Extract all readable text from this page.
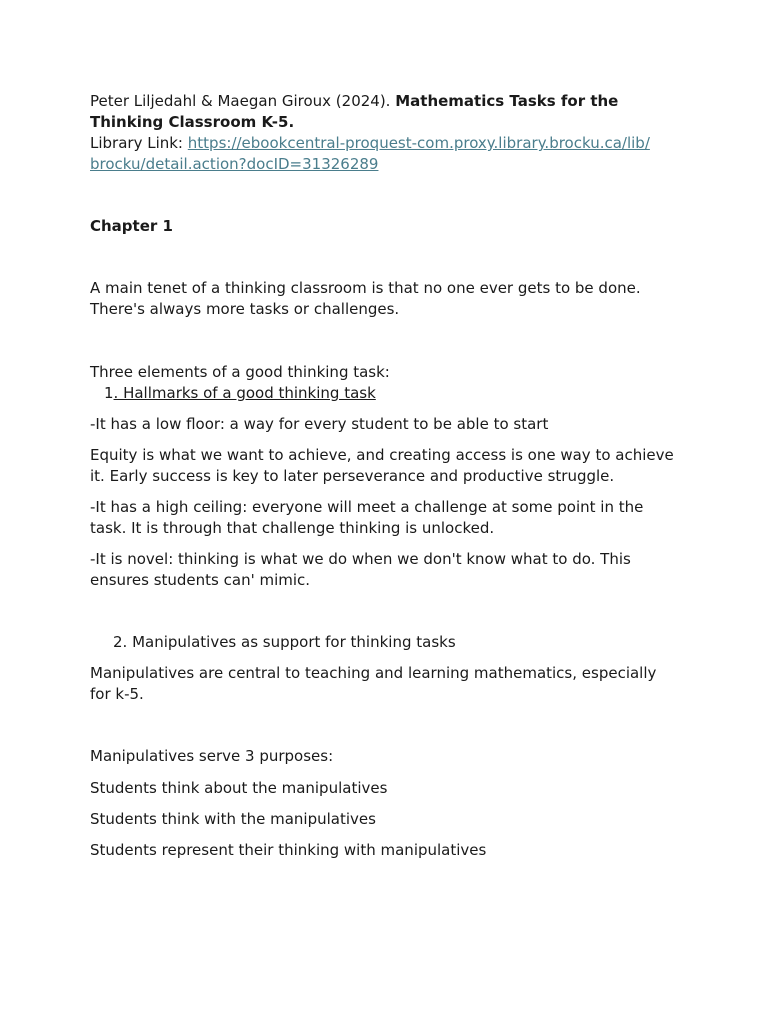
Peter Liljedahl & Maegan Giroux (2024). Mathematics Tasks for the
Thinking Classroom K-5.
Library Link: https://ebookcentral-proquest-com.proxy.library.brocku.ca/lib/
brocku/detail.action?docID=31326289
Chapter 1
A main tenet of a thinking classroom is that no one ever gets to be done.
There's always more tasks or challenges.
Three elements of a good thinking task:
1. Hallmarks of a good thinking task
-It has a low floor: a way for every student to be able to start
Equity is what we want to achieve, and creating access is one way to achieve
it. Early success is key to later perseverance and productive struggle.
-It has a high ceiling: everyone will meet a challenge at some point in the
task. It is through that challenge thinking is unlocked.
-It is novel: thinking is what we do when we don't know what to do. This
ensures students can' mimic.
2. Manipulatives as support for thinking tasks
Manipulatives are central to teaching and learning mathematics, especially
for k-5.
Manipulatives serve 3 purposes:
Students think about the manipulatives
Students think with the manipulatives
Students represent their thinking with manipulatives
